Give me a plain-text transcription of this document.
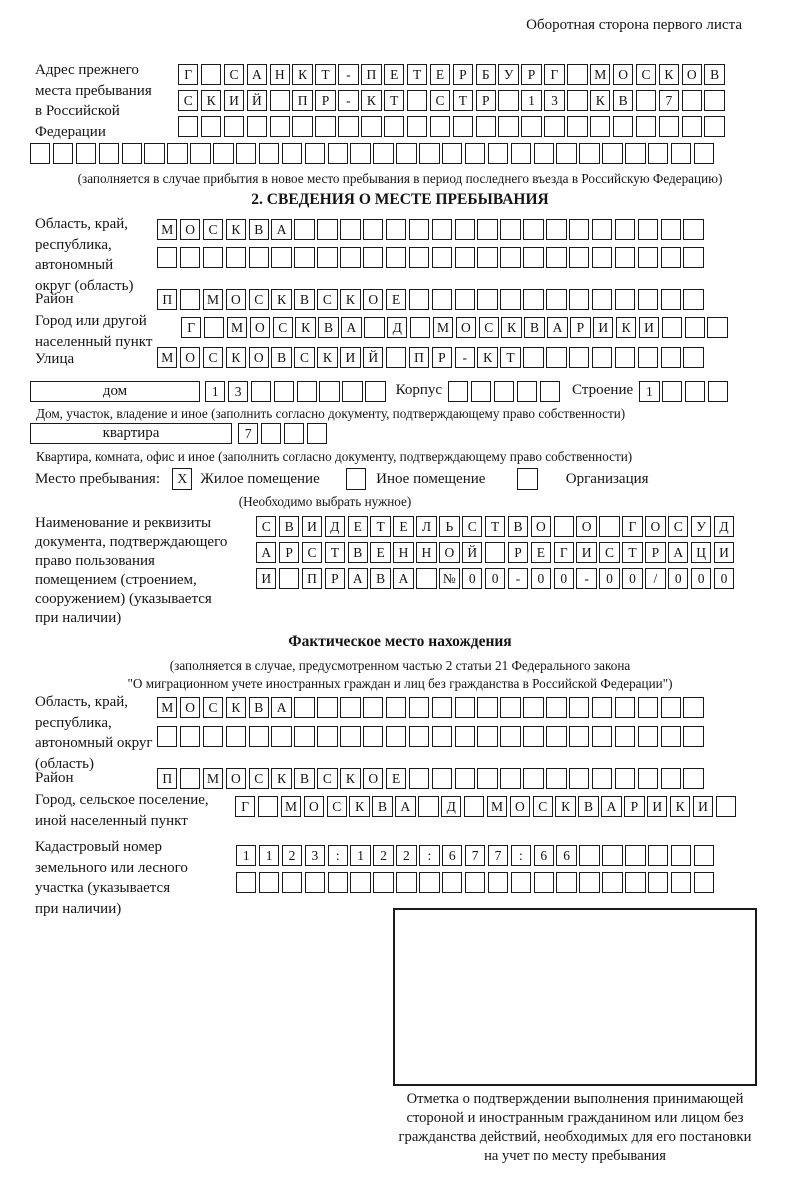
Оборотная сторона первого листа
Адрес прежнего
места пребывания
в Российской
Федерации
Г	С	А Н	К	Т	-	П	Е	Т	Е	Р	Б	У	Р	Г	М О	С	К	О	В
С	К	И Й	П	Р	-	К	Т	С	Т	Р	1	3	К	В	7
(заполняется в случае прибытия в новое место пребывания в период последнего въезда в Российскую Федерацию)
2. СВЕДЕНИЯ О МЕСТЕ ПРЕБЫВАНИЯ
Область, край,
республика,
автономный
округ (область)
М О	С	К	В	А
Район	П	М О	С	К	В	С	К	О	Е
Город или другой
населенный пункт
Г	М О	С	К	В	А	Д	М О	С	К	В	А	Р	И	К	И
Улица	М О	С	К	О	В	С	К	И Й	П	Р	-	К	Т
дом	1	3	Корпус	Строение 1
Дом, участок, владение и иное (заполнить согласно документу, подтверждающему право собственности)
квартира	7
Квартира, комната, офис и иное (заполнить согласно документу, подтверждающему право собственности)
Место пребывания:	X Жилое помещение	Иное помещение	Организация
(Необходимо выбрать нужное)
Наименование и реквизиты
документа, подтверждающего
право пользования
помещением (строением,
сооружением) (указывается
при наличии)
С	В	И Д	Е	Т	Е	Л	Ь	С	Т	В	О	О	Г	О	С	У	Д
А	Р	С	Т	В	Е	Н Н О Й	Р	Е	Г	И	С	Т	Р	А Ц И
И	П	Р	А	В	А	№ 0	0	-	0	0	-	0	0	/	0	0	0
Фактическое место нахождения
(заполняется в случае, предусмотренном частью 2 статьи 21 Федерального закона
"О миграционном учете иностранных граждан и лиц без гражданства в Российской Федерации")
Область, край,
республика,
автономный округ
(область)
М О	С	К	В	А
Район	П	М О	С	К	В	С	К	О	Е
Город, сельское поселение,
иной населенный пункт
Г	М О	С	К	В	А	Д	М О	С	К	В	А	Р	И	К	И
Кадастровый номер
земельного или лесного
участка (указывается
при наличии)
1	1	2	3	:	1	2	2	:	6	7	7	:	6	6
Отметка о подтверждении выполнения принимающей
стороной и иностранным гражданином или лицом без
гражданства действий, необходимых для его постановки
на учет по месту пребывания
